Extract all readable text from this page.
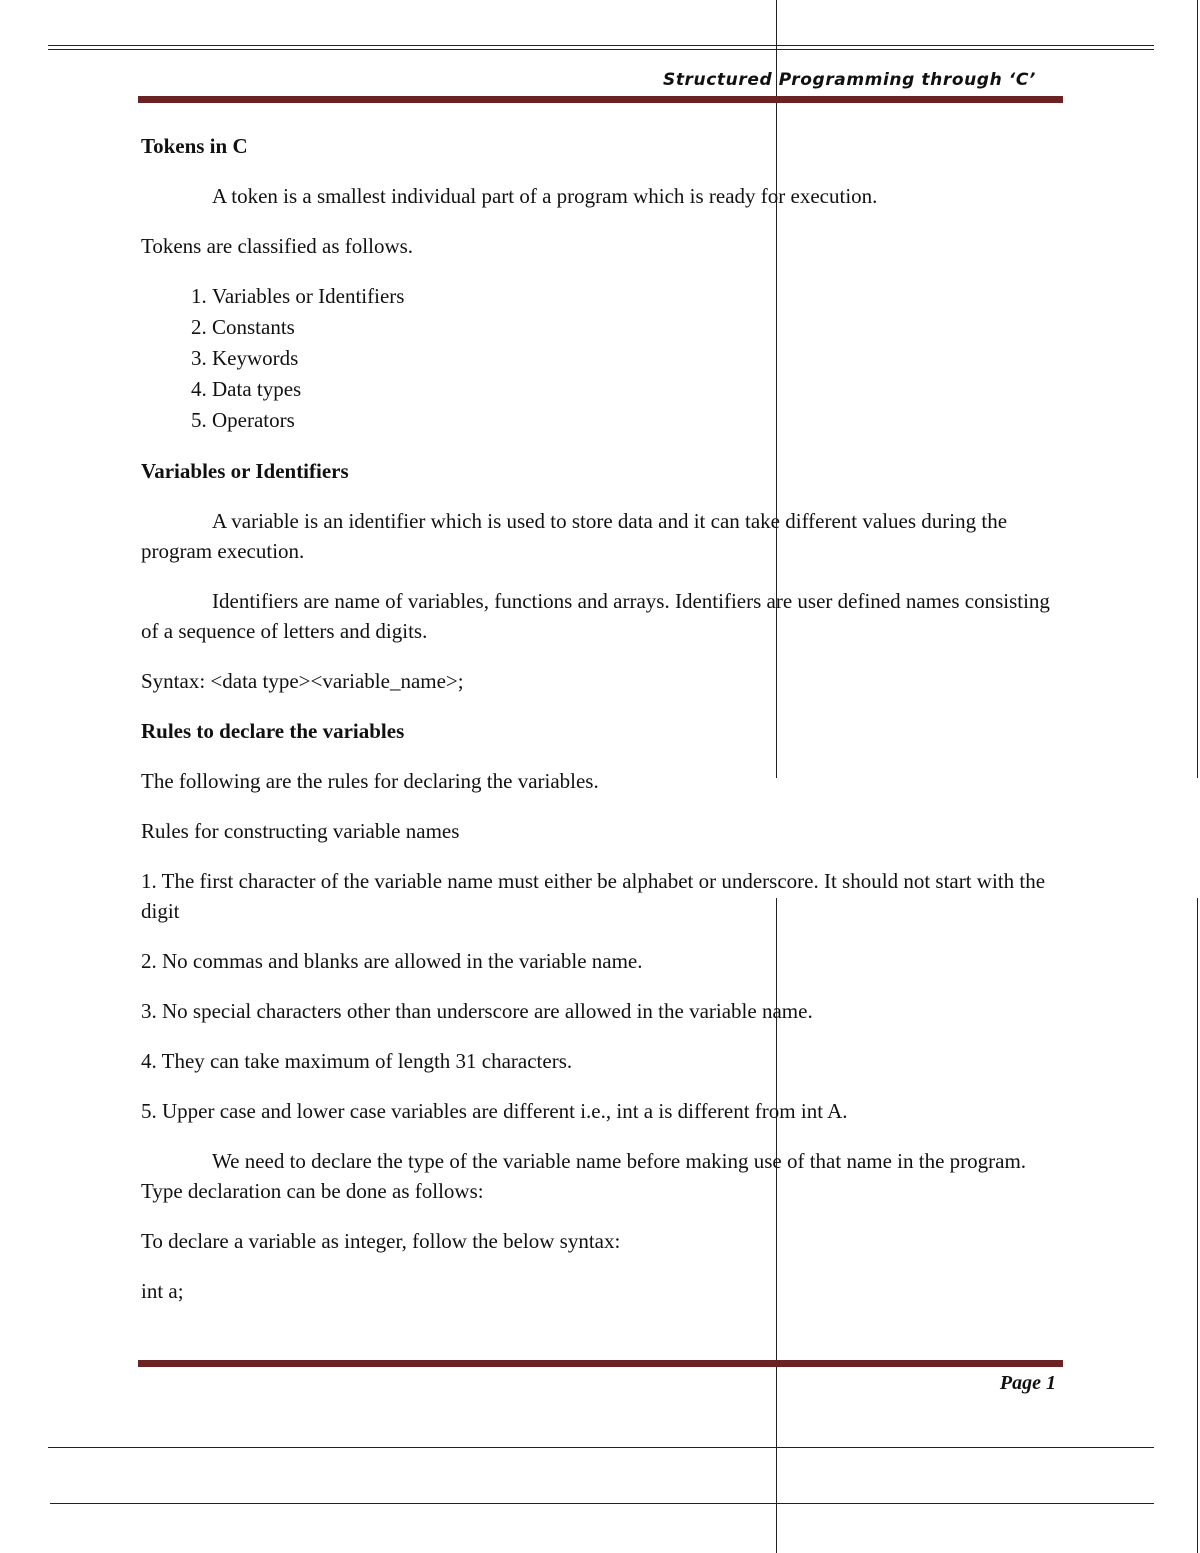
Structured Programming through ‘C’

Tokens in C

A token is a smallest individual part of a program which is ready for execution.

Tokens are classified as follows.

1. Variables or Identifiers
2. Constants
3. Keywords
4. Data types
5. Operators

Variables or Identifiers

A variable is an identifier which is used to store data and it can take different values during the program execution.

Identifiers are name of variables, functions and arrays. Identifiers are user defined names consisting of a sequence of letters and digits.

Syntax: <data type><variable_name>;

Rules to declare the variables

The following are the rules for declaring the variables.

Rules for constructing variable names

1. The first character of the variable name must either be alphabet or underscore. It should not start with the digit

2. No commas and blanks are allowed in the variable name.

3. No special characters other than underscore are allowed in the variable name.

4. They can take maximum of length 31 characters.

5. Upper case and lower case variables are different i.e., int a is different from int A.

We need to declare the type of the variable name before making use of that name in the program. Type declaration can be done as follows:

To declare a variable as integer, follow the below syntax:

int a;

Page 1
